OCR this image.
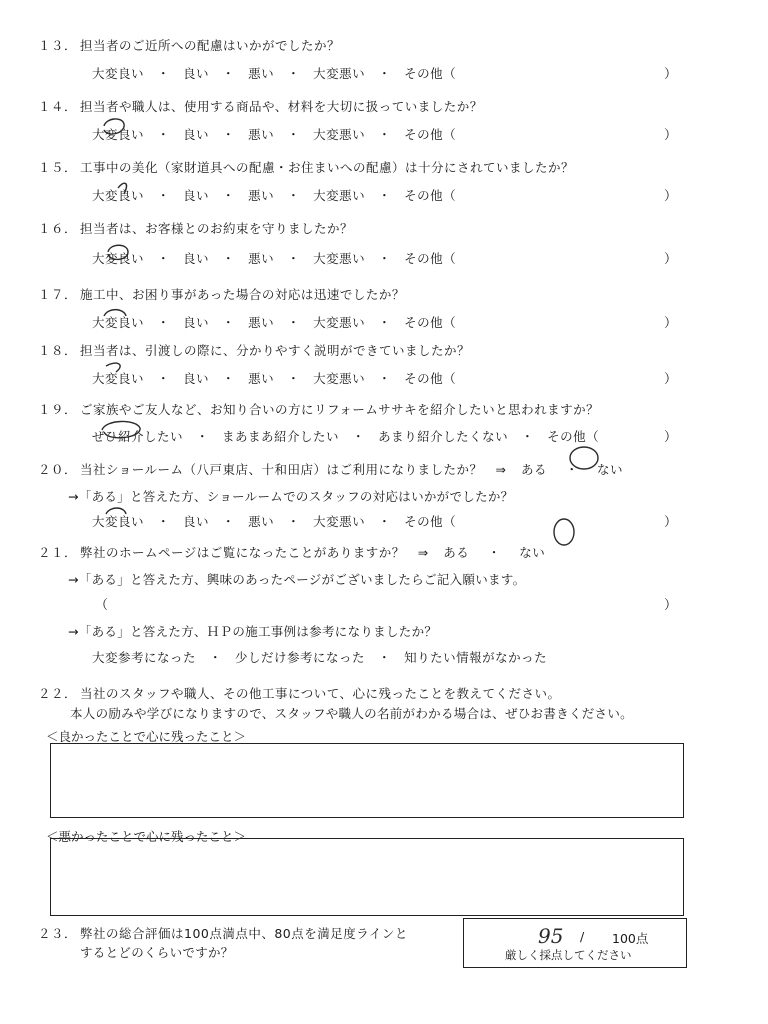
１３． 担当者のご近所への配慮はいかがでしたか？
大変良い ・ 良い ・ 悪い ・ 大変悪い ・ その他（	）
１４． 担当者や職人は、使用する商品や、材料を大切に扱っていましたか？
大変良い ・ 良い ・ 悪い ・ 大変悪い ・ その他（	）
１５． 工事中の美化（家財道具への配慮・お住まいへの配慮）は十分にされていましたか？
大変良い ・ 良い ・ 悪い ・ 大変悪い ・ その他（	）
１６． 担当者は、お客様とのお約束を守りましたか？
大変良い ・ 良い ・ 悪い ・ 大変悪い ・ その他（	）
１７． 施工中、お困り事があった場合の対応は迅速でしたか？
大変良い ・ 良い ・ 悪い ・ 大変悪い ・ その他（	）
１８． 担当者は、引渡しの際に、分かりやすく説明ができていましたか？
大変良い ・ 良い ・ 悪い ・ 大変悪い ・ その他（	）
１９． ご家族やご友人など、お知り合いの方にリフォームササキを紹介したいと思われますか？
ぜひ紹介したい ・ まあまあ紹介したい ・ あまり紹介したくない ・ その他（	）
２０． 当社ショールーム（八戸東店、十和田店）はご利用になりましたか？　⇒ ある ・ ない
→「ある」と答えた方、ショールームでのスタッフの対応はいかがでしたか？
大変良い ・ 良い ・ 悪い ・ 大変悪い ・ その他（	）
２１． 弊社のホームページはご覧になったことがありますか？　⇒ ある ・ ない
→「ある」と答えた方、興味のあったページがございましたらご記入願います。
（	）
→「ある」と答えた方、ＨＰの施工事例は参考になりましたか？
大変参考になった ・ 少しだけ参考になった ・ 知りたい情報がなかった
２２． 当社のスタッフや職人、その他工事について、心に残ったことを教えてください。
本人の励みや学びになりますので、スタッフや職人の名前がわかる場合は、ぜひお書きください。
＜良かったことで心に残ったこと＞
＜悪かったことで心に残ったこと＞
２３． 弊社の総合評価は100点満点中、80点を満足度ラインと
するとどのくらいですか？
95 / 100点
厳しく採点してください
